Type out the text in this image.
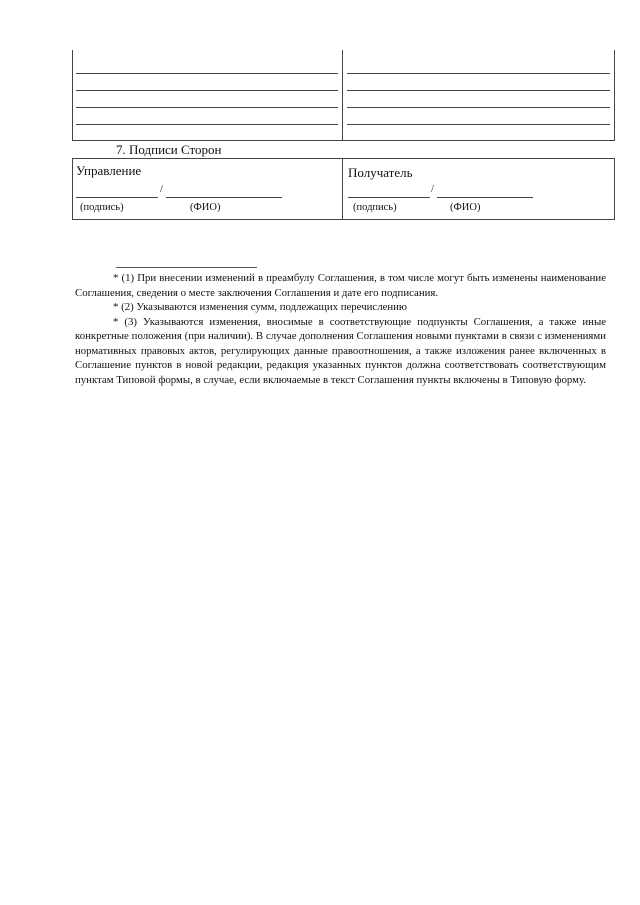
7. Подписи Сторон
Управление
/
(подпись)	(ФИО)
Получатель
/
(подпись)	(ФИО)

* (1) При внесении изменений в преамбулу Соглашения, в том числе могут быть изменены наименование Соглашения, сведения о месте заключения Соглашения и дате его подписания.

* (2) Указываются изменения сумм, подлежащих перечислению

* (3) Указываются изменения, вносимые в соответствующие подпункты Соглашения, а также иные конкретные положения (при наличии). В случае дополнения Соглашения новыми пунктами в связи с изменениями нормативных правовых актов, регулирующих данные правоотношения, а также изложения ранее включенных в Соглашение пунктов в новой редакции, редакция указанных пунктов должна соответствовать соответствующим пунктам Типовой формы, в случае, если включаемые в текст Соглашения пункты включены в Типовую форму.
